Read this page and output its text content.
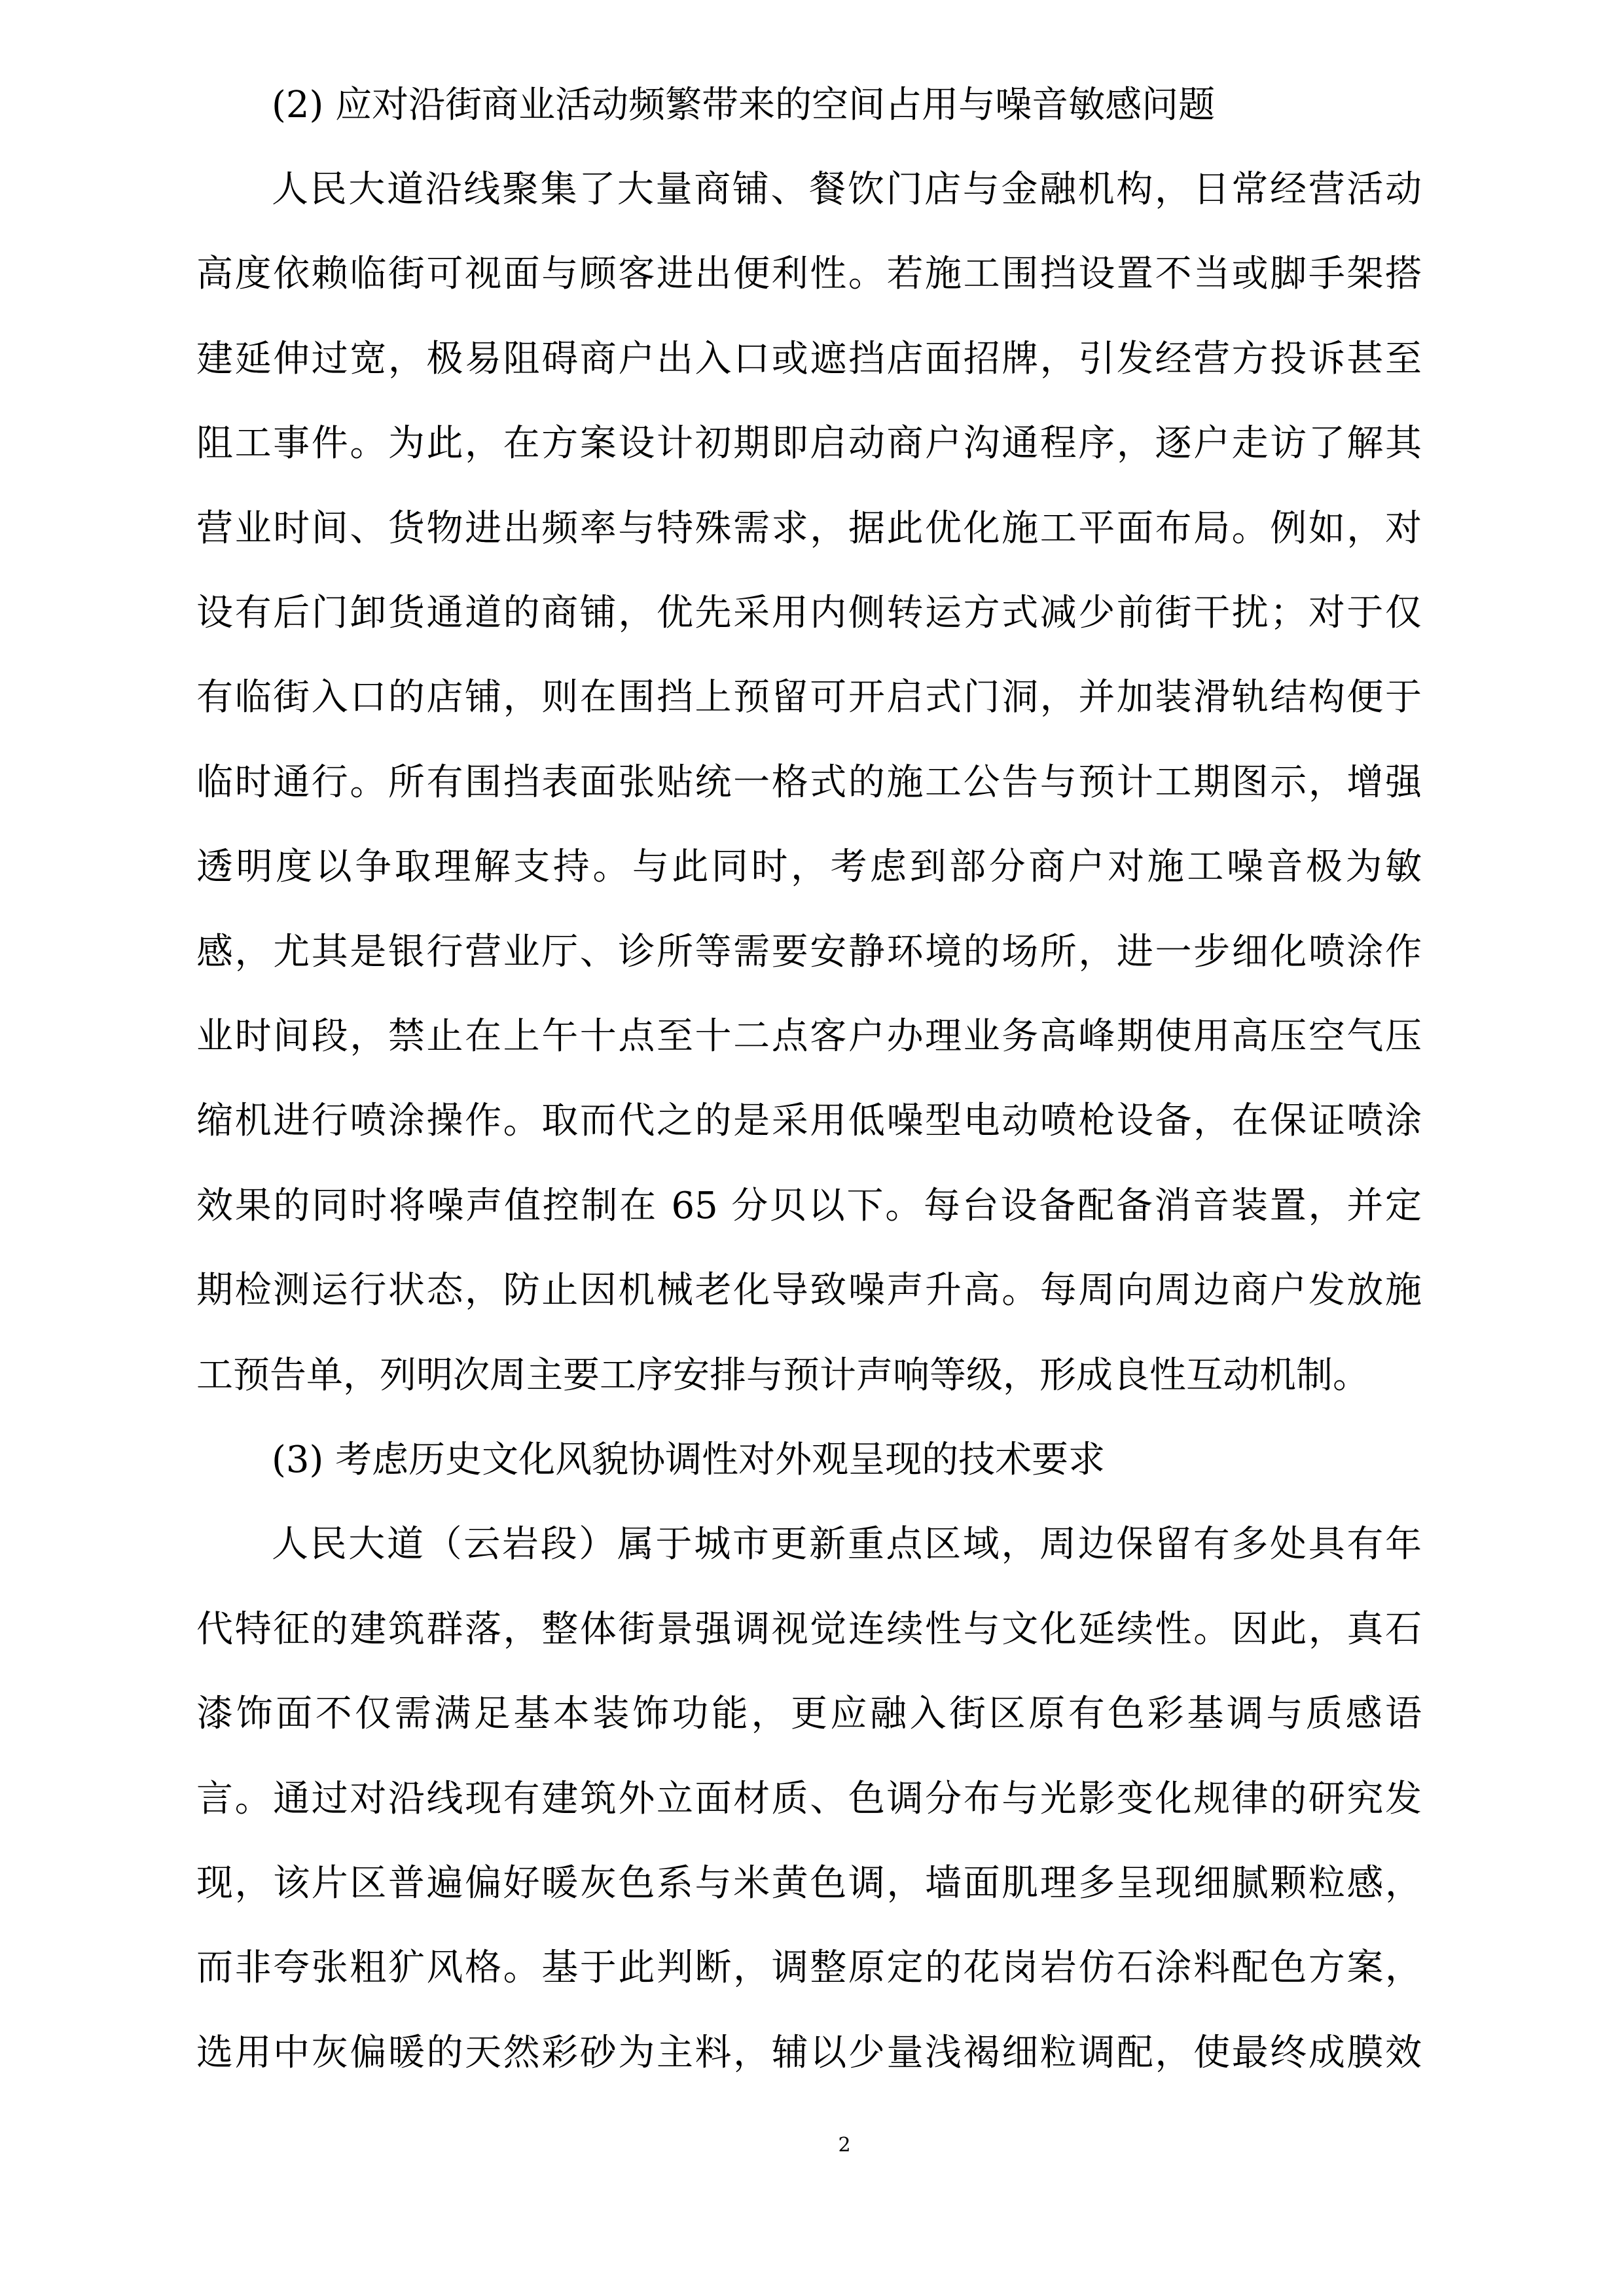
(2) 应对沿街商业活动频繁带来的空间占用与噪音敏感问题
人民大道沿线聚集了大量商铺、餐饮门店与金融机构，日常经营活动
高度依赖临街可视面与顾客进出便利性。若施工围挡设置不当或脚手架搭
建延伸过宽，极易阻碍商户出入口或遮挡店面招牌，引发经营方投诉甚至
阻工事件。为此，在方案设计初期即启动商户沟通程序，逐户走访了解其
营业时间、货物进出频率与特殊需求，据此优化施工平面布局。例如，对
设有后门卸货通道的商铺，优先采用内侧转运方式减少前街干扰；对于仅
有临街入口的店铺，则在围挡上预留可开启式门洞，并加装滑轨结构便于
临时通行。所有围挡表面张贴统一格式的施工公告与预计工期图示，增强
透明度以争取理解支持。与此同时，考虑到部分商户对施工噪音极为敏
感，尤其是银行营业厅、诊所等需要安静环境的场所，进一步细化喷涂作
业时间段，禁止在上午十点至十二点客户办理业务高峰期使用高压空气压
缩机进行喷涂操作。取而代之的是采用低噪型电动喷枪设备，在保证喷涂
效果的同时将噪声值控制在 65 分贝以下。每台设备配备消音装置，并定
期检测运行状态，防止因机械老化导致噪声升高。每周向周边商户发放施
工预告单，列明次周主要工序安排与预计声响等级，形成良性互动机制。
(3) 考虑历史文化风貌协调性对外观呈现的技术要求
人民大道（云岩段）属于城市更新重点区域，周边保留有多处具有年
代特征的建筑群落，整体街景强调视觉连续性与文化延续性。因此，真石
漆饰面不仅需满足基本装饰功能，更应融入街区原有色彩基调与质感语
言。通过对沿线现有建筑外立面材质、色调分布与光影变化规律的研究发
现，该片区普遍偏好暖灰色系与米黄色调，墙面肌理多呈现细腻颗粒感，
而非夸张粗犷风格。基于此判断，调整原定的花岗岩仿石涂料配色方案，
选用中灰偏暖的天然彩砂为主料，辅以少量浅褐细粒调配，使最终成膜效
2
